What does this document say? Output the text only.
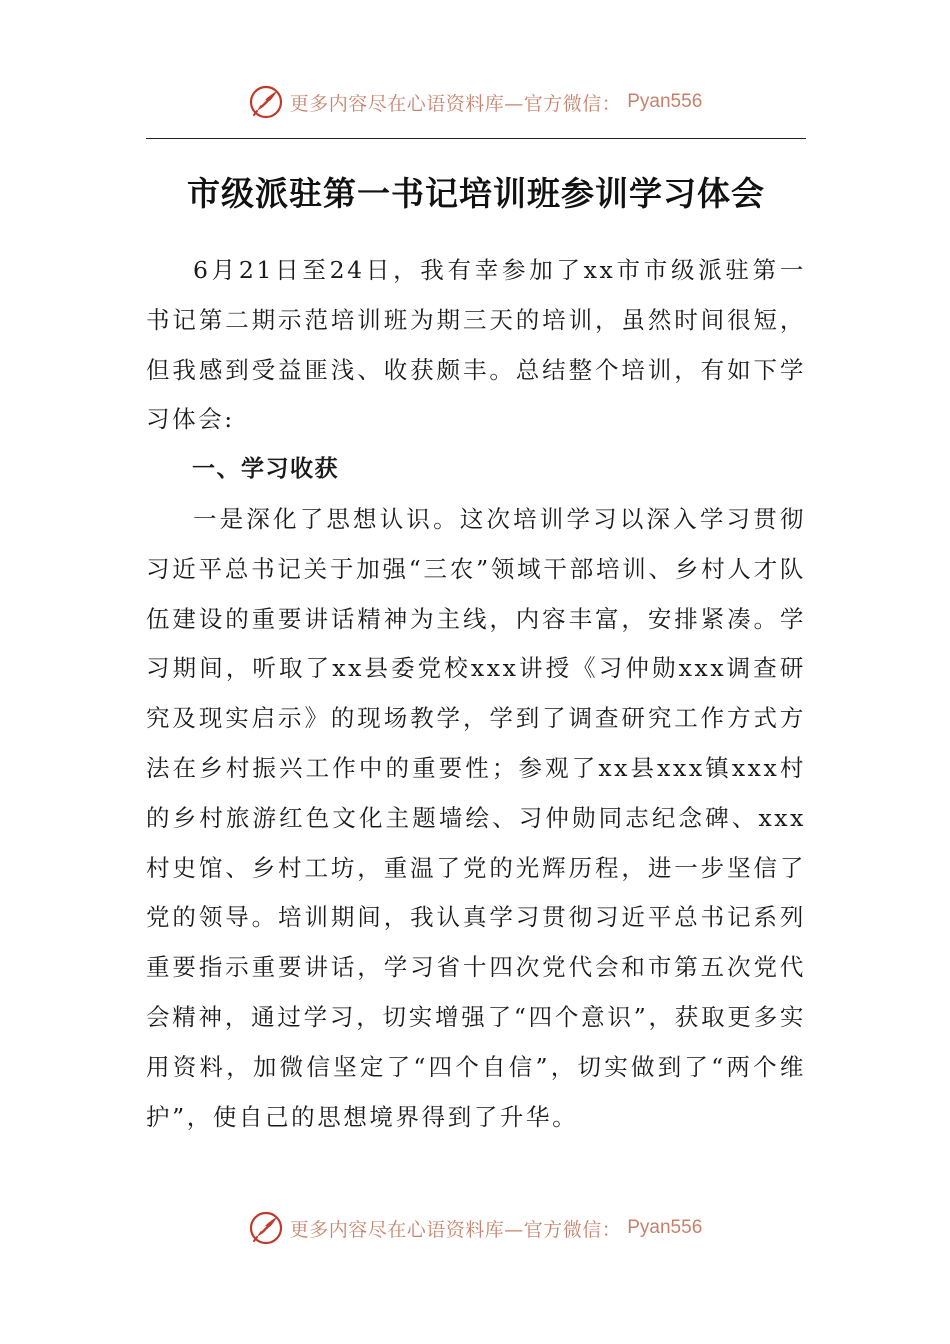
更多内容尽在心语资料库—官方微信： Pyan556
市级派驻第一书记培训班参训学习体会

6月21日至24日，我有幸参加了xx市市级派驻第一书记第二期示范培训班为期三天的培训，虽然时间很短，但我感到受益匪浅、收获颇丰。总结整个培训，有如下学习体会:

一、学习收获

一是深化了思想认识。这次培训学习以深入学习贯彻习近平总书记关于加强“三农”领域干部培训、乡村人才队伍建设的重要讲话精神为主线，内容丰富，安排紧凑。学习期间，听取了xx县委党校xxx讲授《习仲勋xxx调查研究及现实启示》的现场教学，学到了调查研究工作方式方法在乡村振兴工作中的重要性；参观了xx县xxx镇xxx村的乡村旅游红色文化主题墙绘、习仲勋同志纪念碑、xxx村史馆、乡村工坊，重温了党的光辉历程，进一步坚信了党的领导。培训期间，我认真学习贯彻习近平总书记系列重要指示重要讲话，学习省十四次党代会和市第五次党代会精神，通过学习，切实增强了“四个意识”，获取更多实用资料，加微信坚定了“四个自信”，切实做到了“两个维护”，使自己的思想境界得到了升华。

更多内容尽在心语资料库—官方微信： Pyan556
